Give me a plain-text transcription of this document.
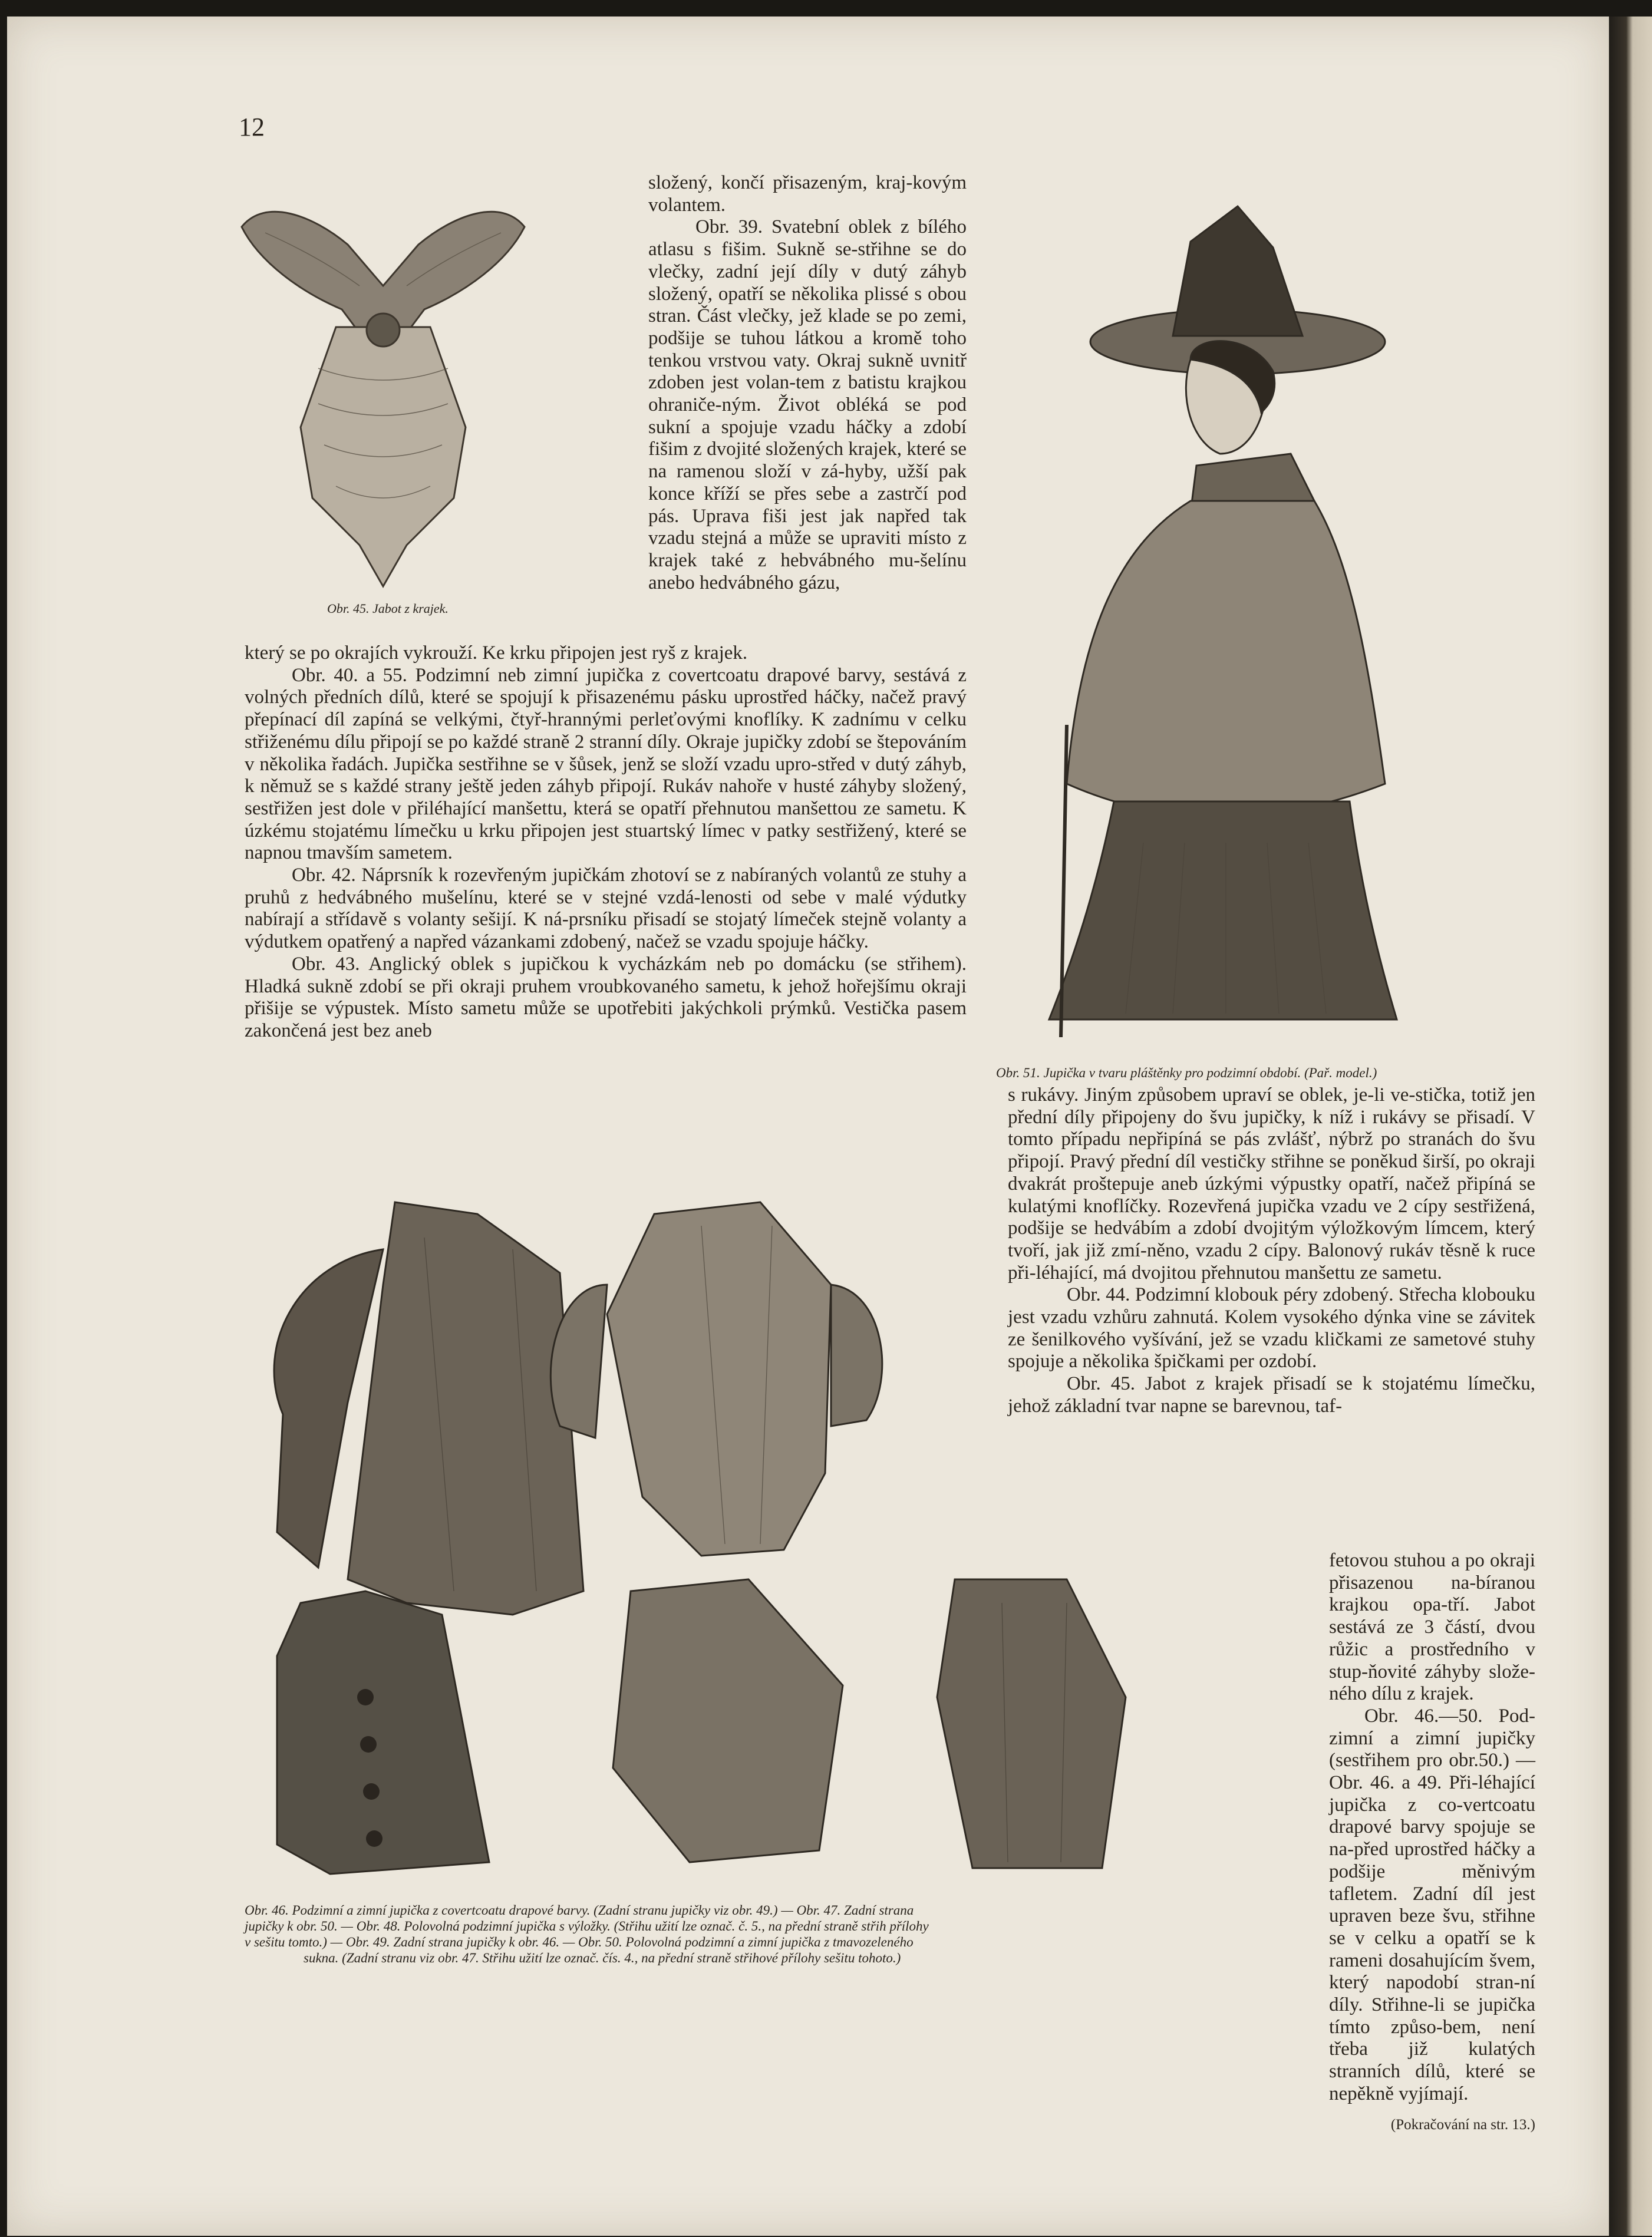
12
Obr. 45. Jabot z krajek.

složený, končí přisazeným, kraj-kovým volantem.

Obr. 39. Svatební oblek z bílého atlasu s fišim. Sukně se-střihne se do vlečky, zadní její díly v dutý záhyb složený, opatří se několika plissé s obou stran. Část vlečky, jež klade se po zemi, podšije se tuhou látkou a kromě toho tenkou vrstvou vaty. Okraj sukně uvnitř zdoben jest volan-tem z batistu krajkou ohraniče-ným. Život obléká se pod sukní a spojuje vzadu háčky a zdobí fišim z dvojité složených krajek, které se na ramenou složí v zá-hyby, užší pak konce kříží se přes sebe a zastrčí pod pás. Uprava fiši jest jak napřed tak vzadu stejná a může se upraviti místo z krajek také z hebvábného mu-šelínu anebo hedvábného gázu,

který se po okrajích vykrouží. Ke krku připojen jest ryš z krajek.

Obr. 40. a 55. Podzimní neb zimní jupička z covertcoatu drapové barvy, sestává z volných předních dílů, které se spojují k přisazenému pásku uprostřed háčky, načež pravý přepínací díl zapíná se velkými, čtyř-hrannými perleťovými knoflíky. K zadnímu v celku střiženému dílu připojí se po každé straně 2 stranní díly. Okraje jupičky zdobí se štepováním v několika řadách. Jupička sestřihne se v šůsek, jenž se složí vzadu upro-střed v dutý záhyb, k němuž se s každé strany ještě jeden záhyb připojí. Rukáv nahoře v husté záhyby složený, sestřižen jest dole v přiléhající manšettu, která se opatří přehnutou manšettou ze sametu. K úzkému stojatému límečku u krku připojen jest stuartský límec v patky sestřižený, které se napnou tmavším sametem.

Obr. 42. Náprsník k rozevřeným jupičkám zhotoví se z nabíraných volantů ze stuhy a pruhů z hedvábného mušelínu, které se v stejné vzdá-lenosti od sebe v malé výdutky nabírají a střídavě s volanty sešijí. K ná-prsníku přisadí se stojatý límeček stejně volanty a výdutkem opatřený a napřed vázankami zdobený, načež se vzadu spojuje háčky.

Obr. 43. Anglický oblek s jupičkou k vycházkám neb po domácku (se střihem). Hladká sukně zdobí se při okraji pruhem vroubkovaného sametu, k jehož hořejšímu okraji přišije se výpustek. Místo sametu může se upotřebiti jakýchkoli prýmků. Vestička pasem zakončená jest bez aneb

Obr. 51. Jupička v tvaru pláštěnky pro podzimní období. (Pař. model.)

s rukávy. Jiným způsobem upraví se oblek, je-li ve-stička, totiž jen přední díly připojeny do švu jupičky, k níž i rukávy se přisadí. V tomto případu nepřipíná se pás zvlášť, nýbrž po stranách do švu připojí. Pravý přední díl vestičky střihne se poněkud širší, po okraji dvakrát proštepuje aneb úzkými výpustky opatří, načež připíná se kulatými knoflíčky. Rozevřená jupička vzadu ve 2 cípy sestřižená, podšije se hedvábím a zdobí dvojitým výložkovým límcem, který tvoří, jak již zmí-něno, vzadu 2 cípy. Balonový rukáv těsně k ruce při-léhající, má dvojitou přehnutou manšettu ze sametu.

Obr. 44. Podzimní klobouk péry zdobený. Střecha klobouku jest vzadu vzhůru zahnutá. Kolem vysokého dýnka vine se závitek ze šenilkového vyšívání, jež se vzadu kličkami ze sametové stuhy spojuje a několika špičkami per ozdobí.

Obr. 45. Jabot z krajek přisadí se k stojatému límečku, jehož základní tvar napne se barevnou, taf-

fetovou stuhou a po okraji přisazenou na-bíranou krajkou opa-tří. Jabot sestává ze 3 částí, dvou růžic a prostředního v stup-ňovité záhyby slože-ného dílu z krajek.

Obr. 46.—50. Pod-zimní a zimní jupičky (sestřihem pro obr.50.) — Obr. 46. a 49. Při-léhající jupička z co-vertcoatu drapové barvy spojuje se na-před uprostřed háčky a podšije měnivým tafletem. Zadní díl jest upraven beze švu, střihne se v celku a opatří se k rameni dosahujícím švem, který napodobí stran-ní díly. Střihne-li se jupička tímto způso-bem, není třeba již kulatých stranních dílů, které se nepěkně vyjímají.

(Pokračování na str. 13.)

Obr. 46. Podzimní a zimní jupička z covertcoatu drapové barvy. (Zadní stranu jupičky viz obr. 49.) — Obr. 47. Zadní strana
jupičky k obr. 50. — Obr. 48. Polovolná podzimní jupička s výložky. (Střihu užití lze označ. č. 5., na přední straně střih přílohy
v sešitu tomto.) — Obr. 49. Zadní strana jupičky k obr. 46. — Obr. 50. Polovolná podzimní a zimní jupička z tmavozeleného
sukna. (Zadní stranu viz obr. 47. Střihu užití lze označ. čís. 4., na přední straně střihové přílohy sešitu tohoto.)
